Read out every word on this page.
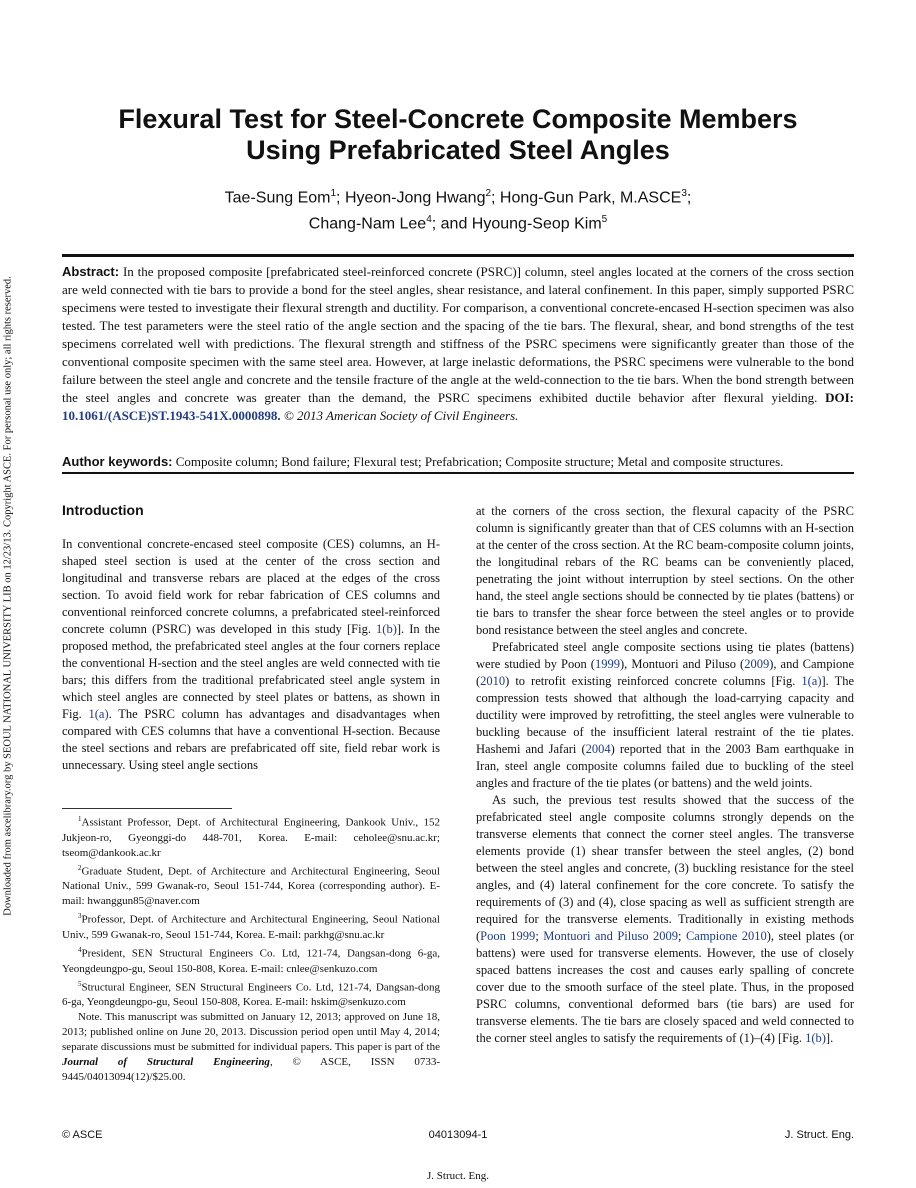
Downloaded from ascelibrary.org by SEOUL NATIONAL UNIVERSITY LIB on 12/23/13. Copyright ASCE. For personal use only; all rights reserved.
Flexural Test for Steel-Concrete Composite Members
Using Prefabricated Steel Angles
Tae-Sung Eom$^1$; Hyeon-Jong Hwang$^2$; Hong-Gun Park, M.ASCE$^3$;
Chang-Nam Lee$^4$; and Hyoung-Seop Kim$^5$

Abstract: In the proposed composite [prefabricated steel-reinforced concrete (PSRC)] column, steel angles located at the corners of the cross section are weld connected with tie bars to provide a bond for the steel angles, shear resistance, and lateral confinement. In this paper, simply supported PSRC specimens were tested to investigate their flexural strength and ductility. For comparison, a conventional concrete-encased H-section specimen was also tested. The test parameters were the steel ratio of the angle section and the spacing of the tie bars. The flexural, shear, and bond strengths of the test specimens correlated well with predictions. The flexural strength and stiffness of the PSRC specimens were significantly greater than those of the conventional composite specimen with the same steel area. However, at large inelastic deformations, the PSRC specimens were vulnerable to the bond failure between the steel angle and concrete and the tensile fracture of the angle at the weld-connection to the tie bars. When the bond strength between the steel angles and concrete was greater than the demand, the PSRC specimens exhibited ductile behavior after flexural yielding. DOI: 10.1061/(ASCE)ST.1943-541X.0000898. © 2013 American Society of Civil Engineers.

Author keywords: Composite column; Bond failure; Flexural test; Prefabrication; Composite structure; Metal and composite structures.

Introduction

In conventional concrete-encased steel composite (CES) columns, an H-shaped steel section is used at the center of the cross section and longitudinal and transverse rebars are placed at the edges of the cross section. To avoid field work for rebar fabrication of CES columns and conventional reinforced concrete columns, a prefabricated steel-reinforced concrete column (PSRC) was developed in this study [Fig. 1(b)]. In the proposed method, the prefabricated steel angles at the four corners replace the conventional H-section and the steel angles are weld connected with tie bars; this differs from the traditional prefabricated steel angle system in which steel angles are connected by steel plates or battens, as shown in Fig. 1(a). The PSRC column has advantages and disadvantages when compared with CES columns that have a conventional H-section. Because the steel sections and rebars are prefabricated off site, field rebar work is unnecessary. Using steel angle sections

at the corners of the cross section, the flexural capacity of the PSRC column is significantly greater than that of CES columns with an H-section at the center of the cross section. At the RC beam-composite column joints, the longitudinal rebars of the RC beams can be conveniently placed, penetrating the joint without interruption by steel sections. On the other hand, the steel angle sections should be connected by tie plates (battens) or tie bars to transfer the shear force between the steel angles or to provide bond resistance between the steel angles and concrete.

Prefabricated steel angle composite sections using tie plates (battens) were studied by Poon (1999), Montuori and Piluso (2009), and Campione (2010) to retrofit existing reinforced concrete columns [Fig. 1(a)]. The compression tests showed that although the load-carrying capacity and ductility were improved by retrofitting, the steel angles were vulnerable to buckling because of the insufficient lateral restraint of the tie plates. Hashemi and Jafari (2004) reported that in the 2003 Bam earthquake in Iran, steel angle composite columns failed due to buckling of the steel angles and fracture of the tie plates (or battens) and the weld joints.

As such, the previous test results showed that the success of the prefabricated steel angle composite columns strongly depends on the transverse elements that connect the corner steel angles. The transverse elements provide (1) shear transfer between the steel angles, (2) bond between the steel angles and concrete, (3) buckling resistance for the steel angles, and (4) lateral confinement for the core concrete. To satisfy the requirements of (3) and (4), close spacing as well as sufficient strength are required for the transverse elements. Traditionally in existing methods (Poon 1999; Montuori and Piluso 2009; Campione 2010), steel plates (or battens) were used for transverse elements. However, the use of closely spaced battens increases the cost and causes early spalling of concrete cover due to the smooth surface of the steel plate. Thus, in the proposed PSRC columns, conventional deformed bars (tie bars) are used for transverse elements. The tie bars are closely spaced and weld connected to the corner steel angles to satisfy the requirements of (1)–(4) [Fig. 1(b)].

$^1$Assistant Professor, Dept. of Architectural Engineering, Dankook Univ., 152 Jukjeon-ro, Gyeonggi-do 448-701, Korea. E-mail: ceholee@snu.ac.kr; tseom@dankook.ac.kr

$^2$Graduate Student, Dept. of Architecture and Architectural Engineering, Seoul National Univ., 599 Gwanak-ro, Seoul 151-744, Korea (corresponding author). E-mail: hwanggun85@naver.com

$^3$Professor, Dept. of Architecture and Architectural Engineering, Seoul National Univ., 599 Gwanak-ro, Seoul 151-744, Korea. E-mail: parkhg@snu.ac.kr

$^4$President, SEN Structural Engineers Co. Ltd, 121-74, Dangsan-dong 6-ga, Yeongdeungpo-gu, Seoul 150-808, Korea. E-mail: cnlee@senkuzo.com

$^5$Structural Engineer, SEN Structural Engineers Co. Ltd, 121-74, Dangsan-dong 6-ga, Yeongdeungpo-gu, Seoul 150-808, Korea. E-mail: hskim@senkuzo.com

Note. This manuscript was submitted on January 12, 2013; approved on June 18, 2013; published online on June 20, 2013. Discussion period open until May 4, 2014; separate discussions must be submitted for individual papers. This paper is part of the Journal of Structural Engineering, © ASCE, ISSN 0733-9445/04013094(12)/$25.00.

04013094-1
© ASCE	J. Struct. Eng.
J. Struct. Eng.
